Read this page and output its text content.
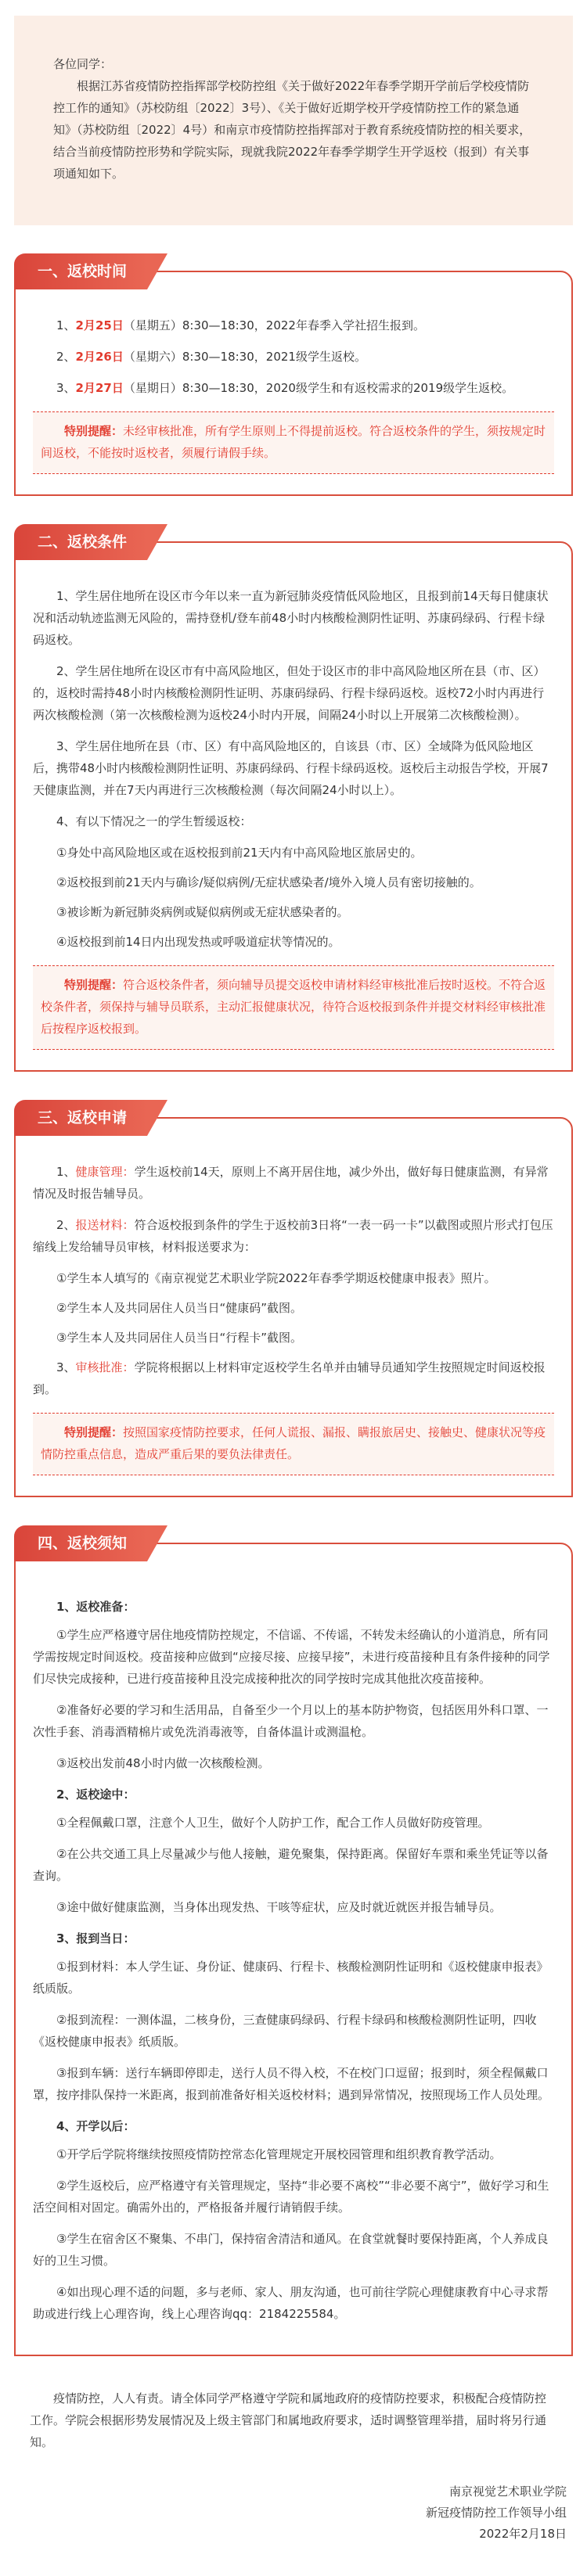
各位同学：

根据江苏省疫情防控指挥部学校防控组《关于做好2022年春季学期开学前后学校疫情防控工作的通知》（苏校防组〔2022〕3号）、《关于做好近期学校开学疫情防控工作的紧急通知》（苏校防组〔2022〕4号）和南京市疫情防控指挥部对于教育系统疫情防控的相关要求，结合当前疫情防控形势和学院实际，现就我院2022年春季学期学生开学返校（报到）有关事项通知如下。

一、返校时间

1、2月25日（星期五）8:30—18:30，2022年春季入学社招生报到。

2、2月26日（星期六）8:30—18:30，2021级学生返校。

3、2月27日（星期日）8:30—18:30，2020级学生和有返校需求的2019级学生返校。

特别提醒：未经审核批准，所有学生原则上不得提前返校。符合返校条件的学生，须按规定时间返校，不能按时返校者，须履行请假手续。

二、返校条件

1、学生居住地所在设区市今年以来一直为新冠肺炎疫情低风险地区，且报到前14天每日健康状况和活动轨迹监测无风险的，需持登机/登车前48小时内核酸检测阴性证明、苏康码绿码、行程卡绿码返校。

2、学生居住地所在设区市有中高风险地区，但处于设区市的非中高风险地区所在县（市、区）的，返校时需持48小时内核酸检测阴性证明、苏康码绿码、行程卡绿码返校。返校72小时内再进行两次核酸检测（第一次核酸检测为返校24小时内开展，间隔24小时以上开展第二次核酸检测）。

3、学生居住地所在县（市、区）有中高风险地区的，自该县（市、区）全域降为低风险地区后，携带48小时内核酸检测阴性证明、苏康码绿码、行程卡绿码返校。返校后主动报告学校，开展7天健康监测，并在7天内再进行三次核酸检测（每次间隔24小时以上）。

4、有以下情况之一的学生暂缓返校：

①身处中高风险地区或在返校报到前21天内有中高风险地区旅居史的。

②返校报到前21天内与确诊/疑似病例/无症状感染者/境外入境人员有密切接触的。

③被诊断为新冠肺炎病例或疑似病例或无症状感染者的。

④返校报到前14日内出现发热或呼吸道症状等情况的。

特别提醒：符合返校条件者，须向辅导员提交返校申请材料经审核批准后按时返校。不符合返校条件者，须保持与辅导员联系，主动汇报健康状况，待符合返校报到条件并提交材料经审核批准后按程序返校报到。

三、返校申请

1、健康管理：学生返校前14天，原则上不离开居住地，减少外出，做好每日健康监测，有异常情况及时报告辅导员。

2、报送材料：符合返校报到条件的学生于返校前3日将“一表一码一卡”以截图或照片形式打包压缩线上发给辅导员审核，材料报送要求为：

①学生本人填写的《南京视觉艺术职业学院2022年春季学期返校健康申报表》照片。

②学生本人及共同居住人员当日“健康码”截图。

③学生本人及共同居住人员当日“行程卡”截图。

3、审核批准：学院将根据以上材料审定返校学生名单并由辅导员通知学生按照规定时间返校报到。

特别提醒：按照国家疫情防控要求，任何人谎报、漏报、瞒报旅居史、接触史、健康状况等疫情防控重点信息，造成严重后果的要负法律责任。

四、返校须知

1、返校准备：

①学生应严格遵守居住地疫情防控规定，不信谣、不传谣，不转发未经确认的小道消息，所有同学需按规定时间返校。疫苗接种应做到“应接尽接、应接早接”，未进行疫苗接种且有条件接种的同学们尽快完成接种，已进行疫苗接种且没完成接种批次的同学按时完成其他批次疫苗接种。

②准备好必要的学习和生活用品，自备至少一个月以上的基本防护物资，包括医用外科口罩、一次性手套、消毒酒精棉片或免洗消毒液等，自备体温计或测温枪。

③返校出发前48小时内做一次核酸检测。

2、返校途中：

①全程佩戴口罩，注意个人卫生，做好个人防护工作，配合工作人员做好防疫管理。

②在公共交通工具上尽量减少与他人接触，避免聚集，保持距离。保留好车票和乘坐凭证等以备查询。

③途中做好健康监测，当身体出现发热、干咳等症状，应及时就近就医并报告辅导员。

3、报到当日：

①报到材料：本人学生证、身份证、健康码、行程卡、核酸检测阴性证明和《返校健康申报表》纸质版。

②报到流程：一测体温，二核身份，三查健康码绿码、行程卡绿码和核酸检测阴性证明，四收《返校健康申报表》纸质版。

③报到车辆：送行车辆即停即走，送行人员不得入校，不在校门口逗留；报到时，须全程佩戴口罩，按序排队保持一米距离，报到前准备好相关返校材料；遇到异常情况，按照现场工作人员处理。

4、开学以后：

①开学后学院将继续按照疫情防控常态化管理规定开展校园管理和组织教育教学活动。

②学生返校后，应严格遵守有关管理规定，坚持“非必要不离校”“非必要不离宁”，做好学习和生活空间相对固定。确需外出的，严格报备并履行请销假手续。

③学生在宿舍区不聚集、不串门，保持宿舍清洁和通风。在食堂就餐时要保持距离，个人养成良好的卫生习惯。

④如出现心理不适的问题，多与老师、家人、朋友沟通，也可前往学院心理健康教育中心寻求帮助或进行线上心理咨询，线上心理咨询qq：2184225584。

疫情防控，人人有责。请全体同学严格遵守学院和属地政府的疫情防控要求，积极配合疫情防控工作。学院会根据形势发展情况及上级主管部门和属地政府要求，适时调整管理举措，届时将另行通知。

南京视觉艺术职业学院
新冠疫情防控工作领导小组
2022年2月18日
